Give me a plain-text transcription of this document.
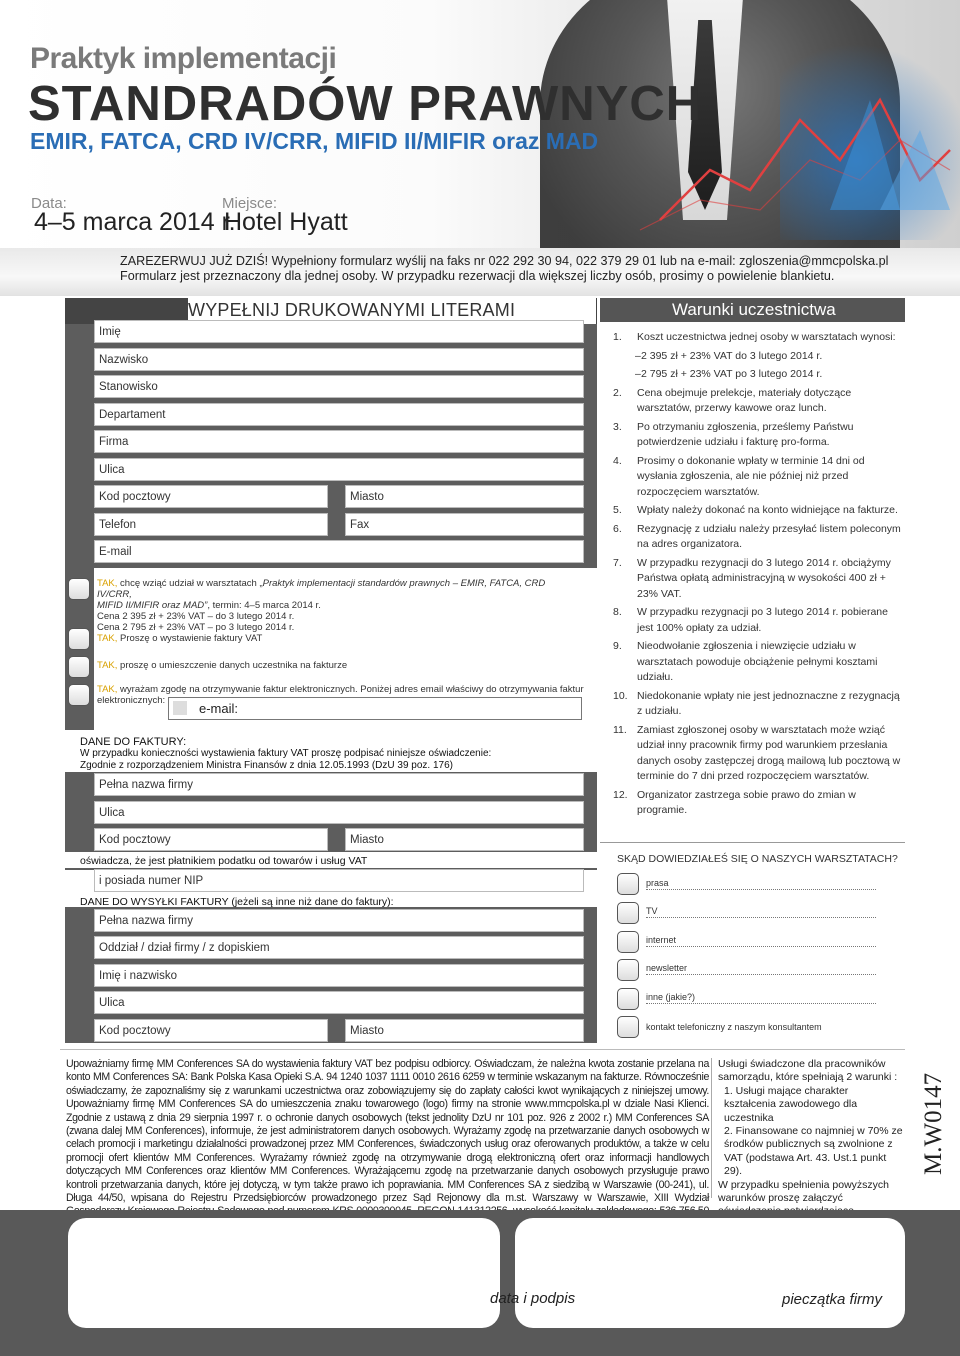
Praktyk implementacji
STANDRADÓW PRAWNYCH
EMIR, FATCA, CRD IV/CRR, MIFID II/MIFIR oraz MAD
Data:
4–5 marca 2014 r.
Miejsce:
Hotel Hyatt
ZAREZERWUJ JUŻ DZIŚ! Wypełniony formularz wyślij na faks nr 022 292 30 94, 022 379 29 01 lub na e-mail: zgloszenia@mmcpolska.pl
Formularz jest przeznaczony dla jednej osoby. W przypadku rezerwacji dla większej liczby osób, prosimy o powielenie blankietu.
WYPEŁNIJ DRUKOWANYMI LITERAMI
Imię
Nazwisko
Stanowisko
Departament
Firma
Ulica
Kod pocztowy	Miasto
Telefon	Fax
E-mail
TAK, chcę wziąć udział w warsztatach „Praktyk implementacji standardów prawnych – EMIR, FATCA, CRD IV/CRR,
MIFID II/MIFIR oraz MAD”, termin: 4–5 marca 2014 r.
Cena 2 395 zł + 23% VAT – do 3 lutego 2014 r.
Cena 2 795 zł + 23% VAT – po 3 lutego 2014 r.
TAK, Proszę o wystawienie faktury VAT
TAK, proszę o umieszczenie danych uczestnika na fakturze
TAK, wyrażam zgodę na otrzymywanie faktur elektronicznych. Poniżej adres email właściwy do otrzymywania faktur
elektronicznych:
e-mail:
DANE DO FAKTURY:
W przypadku konieczności wystawienia faktury VAT proszę podpisać niniejsze oświadczenie:
Zgodnie z rozporządzeniem Ministra Finansów z dnia 12.05.1993 (DzU 39 poz. 176)
Pełna nazwa firmy
Ulica
Kod pocztowy	Miasto
oświadcza, że jest płatnikiem podatku od towarów i usług VAT
i posiada numer NIP
DANE DO WYSYŁKI FAKTURY (jeżeli są inne niż dane do faktury):
Pełna nazwa firmy
Oddział / dział firmy / z dopiskiem
Imię i nazwisko
Ulica
Kod pocztowy	Miasto
Warunki uczestnictwa
1. Koszt uczestnictwa jednej osoby w warsztatach wynosi:
– 2 395 zł + 23% VAT do 3 lutego 2014 r.
– 2 795 zł + 23% VAT po 3 lutego 2014 r.
2. Cena obejmuje prelekcje, materiały dotyczące warsztatów, przerwy kawowe oraz lunch.
3. Po otrzymaniu zgłoszenia, prześlemy Państwu potwierdzenie udziału i fakturę pro-forma.
4. Prosimy o dokonanie wpłaty w terminie 14 dni od wysłania zgłoszenia, ale nie później niż przed rozpoczęciem warsztatów.
5. Wpłaty należy dokonać na konto widniejące na fakturze.
6. Rezygnację z udziału należy przesyłać listem poleconym na adres organizatora.
7. W przypadku rezygnacji do 3 lutego 2014 r. obciążymy Państwa opłatą administracyjną w wysokości 400 zł + 23% VAT.
8. W przypadku rezygnacji po 3 lutego 2014 r. pobierane jest 100% opłaty za udział.
9. Nieodwołanie zgłoszenia i niewzięcie udziału w warsztatach powoduje obciążenie pełnymi kosztami udziału.
10. Niedokonanie wpłaty nie jest jednoznaczne z rezygnacją z udziału.
11. Zamiast zgłoszonej osoby w warsztatach może wziąć udział inny pracownik firmy pod warunkiem przesłania danych osoby zastępczej drogą mailową lub pocztową w terminie do 7 dni przed rozpoczęciem warsztatów.
12. Organizator zastrzega sobie prawo do zmian w programie.
SKĄD DOWIEDZIAŁEŚ SIĘ O NASZYCH WARSZTATACH?
prasa
TV
internet
newsletter
inne (jakie?)
kontakt telefoniczny z naszym konsultantem
Upoważniamy firmę MM Conferences SA do wystawienia faktury VAT bez podpisu odbiorcy. Oświadczam, że należna kwota zostanie przelana na konto MM Conferences SA: Bank Polska Kasa Opieki S.A. 94 1240 1037 1111 0010 2616 6259 w terminie wskazanym na fakturze. Równocześnie oświadczamy, że zapoznaliśmy się z warunkami uczestnictwa oraz zobowiązujemy się do zapłaty całości kwot wynikających z niniejszej umowy. Upoważniamy firmę MM Conferences SA do umieszczenia znaku towarowego (logo) firmy na stronie www.mmcpolska.pl w dziale Nasi Klienci. Zgodnie z ustawą z dnia 29 sierpnia 1997 r. o ochronie danych osobowych (tekst jednolity DzU nr 101 poz. 926 z 2002 r.) MM Conferences SA (zwana dalej MM Conferences), informuje, że jest administratorem danych osobowych. Wyrażamy zgodę na przetwarzanie danych osobowych w celach promocji i marketingu działalności prowadzonej przez MM Conferences, świadczonych usług oraz oferowanych produktów, a także w celu promocji ofert klientów MM Conferences. Wyrażamy również zgodę na otrzymywanie drogą elektroniczną ofert oraz informacji handlowych dotyczących MM Conferences oraz klientów MM Conferences. Wyrażającemu zgodę na przetwarzanie danych osobowych przysługuje prawo kontroli przetwarzania danych, które jej dotyczą, w tym także prawo ich poprawiania. MM Conferences SA z siedzibą w Warszawie (00-241), ul. Długa 44/50, wpisana do Rejestru Przedsiębiorców prowadzonego przez Sąd Rejonowy dla m.st. Warszawy w Warszawie, XIII Wydział
Usługi świadczone dla pracowników samorządu, które spełniają 2 warunki :
1. Usługi mające charakter kształcenia zawodowego dla uczestnika
2. Finansowane co najmniej w 70% ze środków publicznych są zwolnione z VAT (podstawa Art. 43. Ust.1 punkt 29).
W przypadku spełnienia powyższych warunków proszę załączyć
M.W0147
data i podpis	pieczątka firmy
